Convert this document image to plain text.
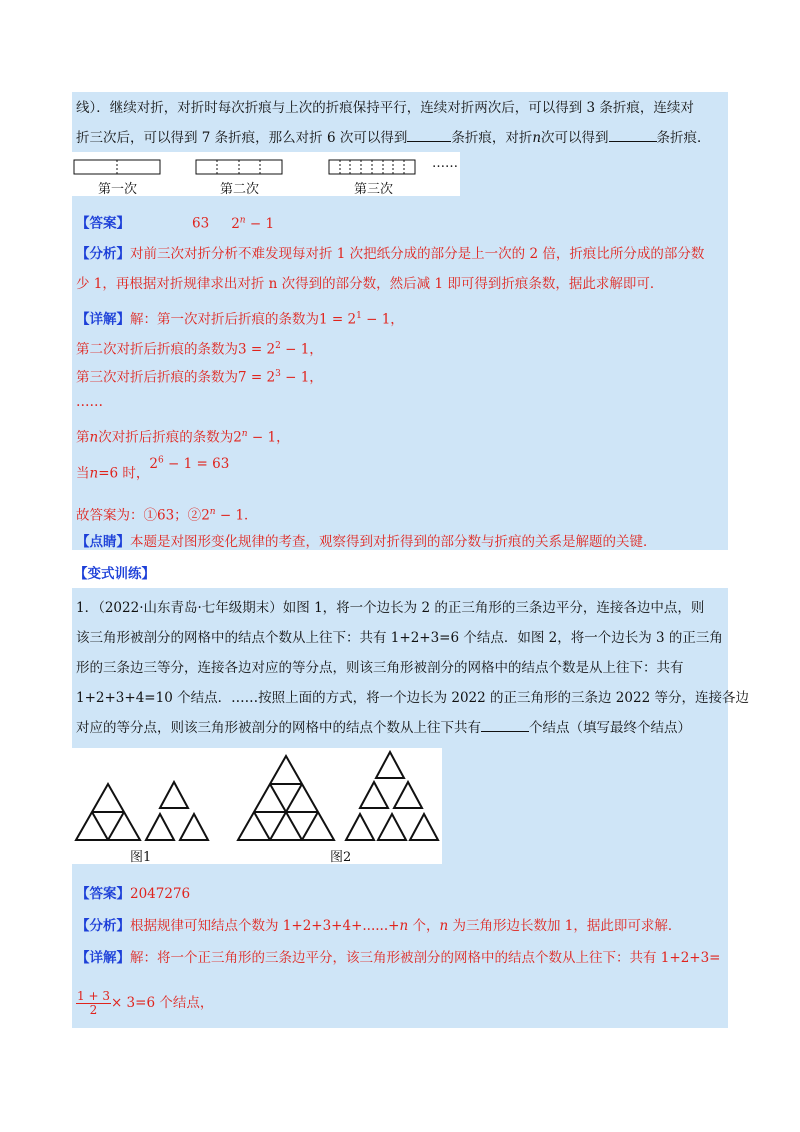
线）．继续对折，对折时每次折痕与上次的折痕保持平行，连续对折两次后，可以得到 3 条折痕，连续对
折三次后，可以得到 7 条折痕，那么对折 6 次可以得到	条折痕，对折n次可以得到	条折痕．
第一次	第二次	第三次
……
【答案】	63 $2^n - 1$
【分析】对前三次对折分析不难发现每对折 1 次把纸分成的部分是上一次的 2 倍，折痕比所分成的部分数
少 1，再根据对折规律求出对折 n 次得到的部分数，然后减 1 即可得到折痕条数，据此求解即可．
【详解】解：第一次对折后折痕的条数为$1 = 2^1 - 1$，
第二次对折后折痕的条数为$3 = 2^2 - 1$，
第三次对折后折痕的条数为$7 = 2^3 - 1$，
……
第n次对折后折痕的条数为$2^n - 1$，
当n=6 时，$2^6 - 1 = 63$
故答案为：①63；$②2^n - 1$．
【点睛】本题是对图形变化规律的考查，观察得到对折得到的部分数与折痕的关系是解题的关键．
【变式训练】
1．（2022·山东青岛·七年级期末）如图 1，将一个边长为 2 的正三角形的三条边平分，连接各边中点，则
该三角形被剖分的网格中的结点个数从上往下：共有 1+2+3=6 个结点．如图 2，将一个边长为 3 的正三角
形的三条边三等分，连接各边对应的等分点，则该三角形被剖分的网格中的结点个数是从上往下：共有
1+2+3+4=10 个结点．……按照上面的方式，将一个边长为 2022 的正三角形的三条边 2022 等分，连接各边
对应的等分点，则该三角形被剖分的网格中的结点个数从上往下共有	个结点（填写最终个结点）
图1	图2
【答案】2047276
【分析】根据规律可知结点个数为 1+2+3+4+......+n 个，n 为三角形边长数加 1，据此即可求解．
【详解】解：将一个正三角形的三条边平分，该三角形被剖分的网格中的结点个数从上往下：共有 1+2+3=
$\frac{1 + 3}{2} \times 3=6$ 个结点，
